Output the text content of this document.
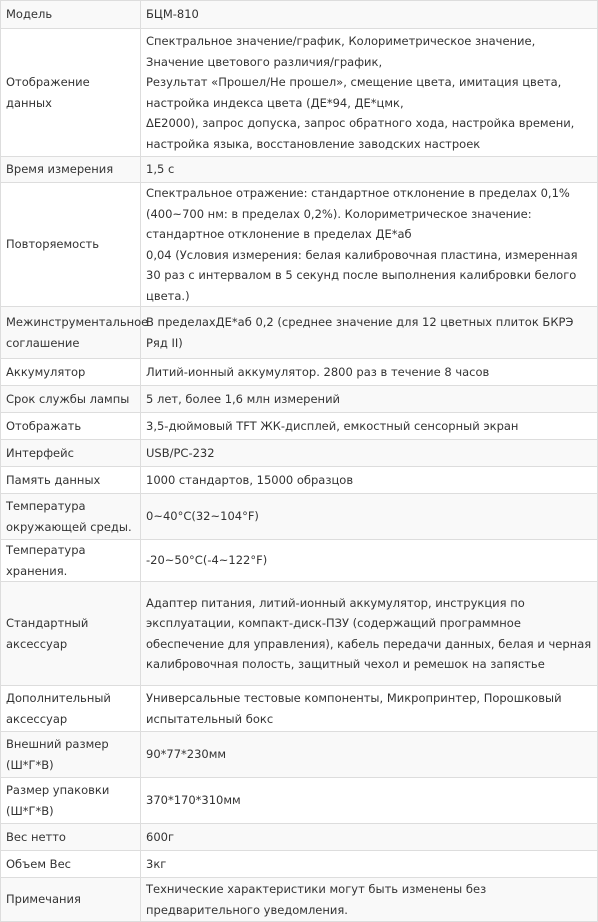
Модель	БЦМ-810

Отображение данных	Спектральное значение/график, Колориметрическое значение, Значение цветового различия/график,
Результат «Прошел/Не прошел», смещение цвета, имитация цвета, настройка индекса цвета (ДЕ*94, ДЕ*цмк,
ΔE2000), запрос допуска, запрос обратного хода, настройка времени, настройка языка, восстановление заводских настроек

Время измерения	1,5 с

Повторяемость	Спектральное отражение: стандартное отклонение в пределах 0,1% (400~700 нм: в пределах 0,2%). Колориметрическое значение: стандартное отклонение в пределах ДЕ*аб
0,04 (Условия измерения: белая калибровочная пластина, измеренная 30 раз с интервалом в 5 секунд после выполнения калибровки белого цвета.)

Межинструментальное соглашение	В пределахДЕ*аб 0,2 (среднее значение для 12 цветных плиток БКРЭ Ряд II)

Аккумулятор	Литий-ионный аккумулятор. 2800 раз в течение 8 часов

Срок службы лампы	5 лет, более 1,6 млн измерений

Отображать	3,5-дюймовый TFT ЖК-дисплей, емкостный сенсорный экран

Интерфейс	USB/PC-232

Память данных	1000 стандартов, 15000 образцов

Температура окружающей среды.	0~40°C(32~104°F)

Температура хранения.	-20~50°C(-4~122°F)

Стандартный аксессуар	Адаптер питания, литий-ионный аккумулятор, инструкция по эксплуатации, компакт-диск-ПЗУ (содержащий программное обеспечение для управления), кабель передачи данных, белая и черная калибровочная полость, защитный чехол и ремешок на запястье

Дополнительный аксессуар	Универсальные тестовые компоненты, Микропринтер, Порошковый испытательный бокс

Внешний размер (Ш*Г*В)	90*77*230мм

Размер упаковки (Ш*Г*В)	370*170*310мм

Вес нетто	600г

Объем Вес	3кг

Примечания	Технические характеристики могут быть изменены без предварительного уведомления.
